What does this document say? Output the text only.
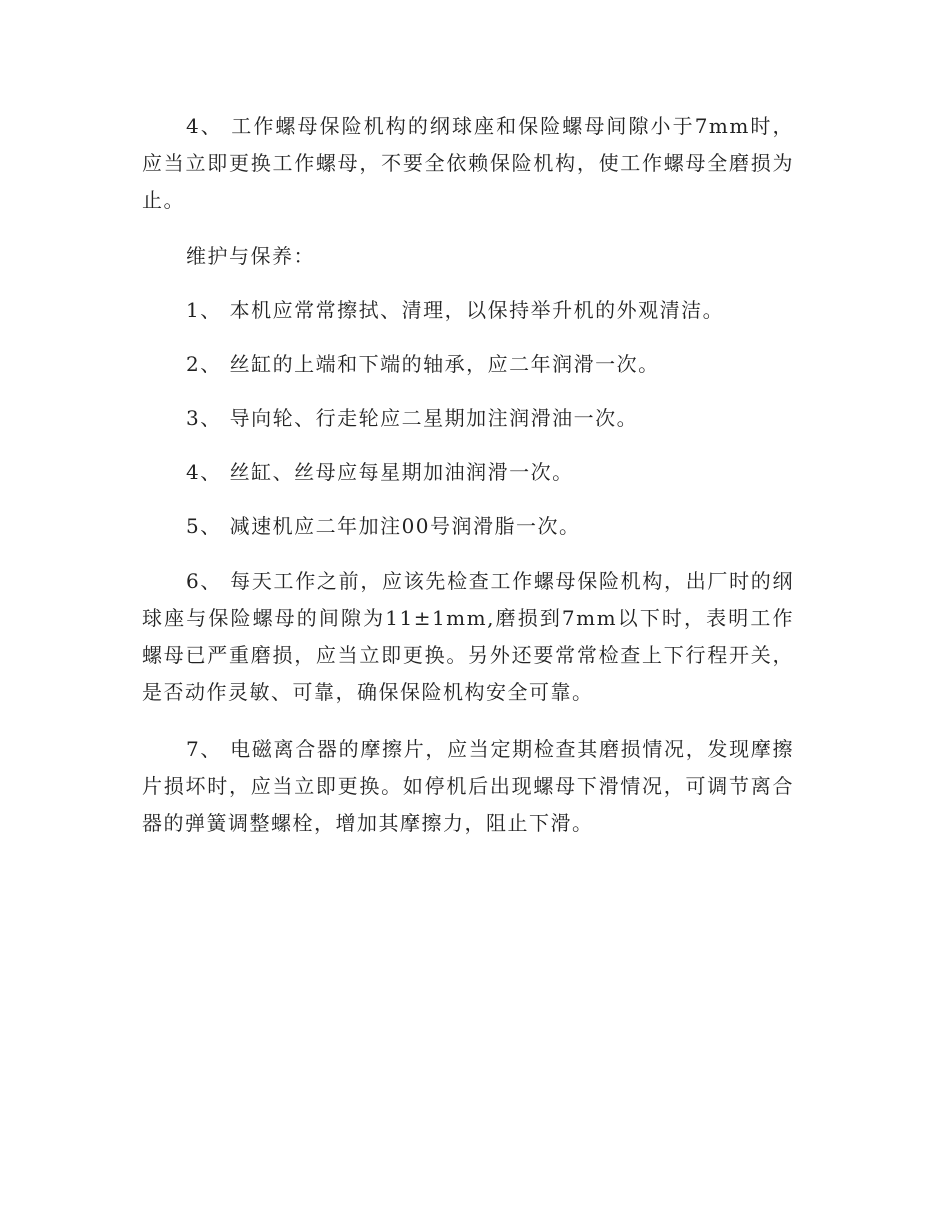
4、 工作螺母保险机构的纲球座和保险螺母间隙小于7mm时，应当立即更换工作螺母，不要全依赖保险机构，使工作螺母全磨损为止。

维护与保养：

1、 本机应常常擦拭、清理，以保持举升机的外观清洁。

2、 丝缸的上端和下端的轴承，应二年润滑一次。

3、 导向轮、行走轮应二星期加注润滑油一次。

4、 丝缸、丝母应每星期加油润滑一次。

5、 减速机应二年加注00号润滑脂一次。

6、 每天工作之前，应该先检查工作螺母保险机构，出厂时的纲球座与保险螺母的间隙为11±1mm,磨损到7mm以下时，表明工作螺母已严重磨损，应当立即更换。另外还要常常检查上下行程开关，是否动作灵敏、可靠，确保保险机构安全可靠。

7、 电磁离合器的摩擦片，应当定期检查其磨损情况，发现摩擦片损坏时，应当立即更换。如停机后出现螺母下滑情况，可调节离合器的弹簧调整螺栓，增加其摩擦力，阻止下滑。
